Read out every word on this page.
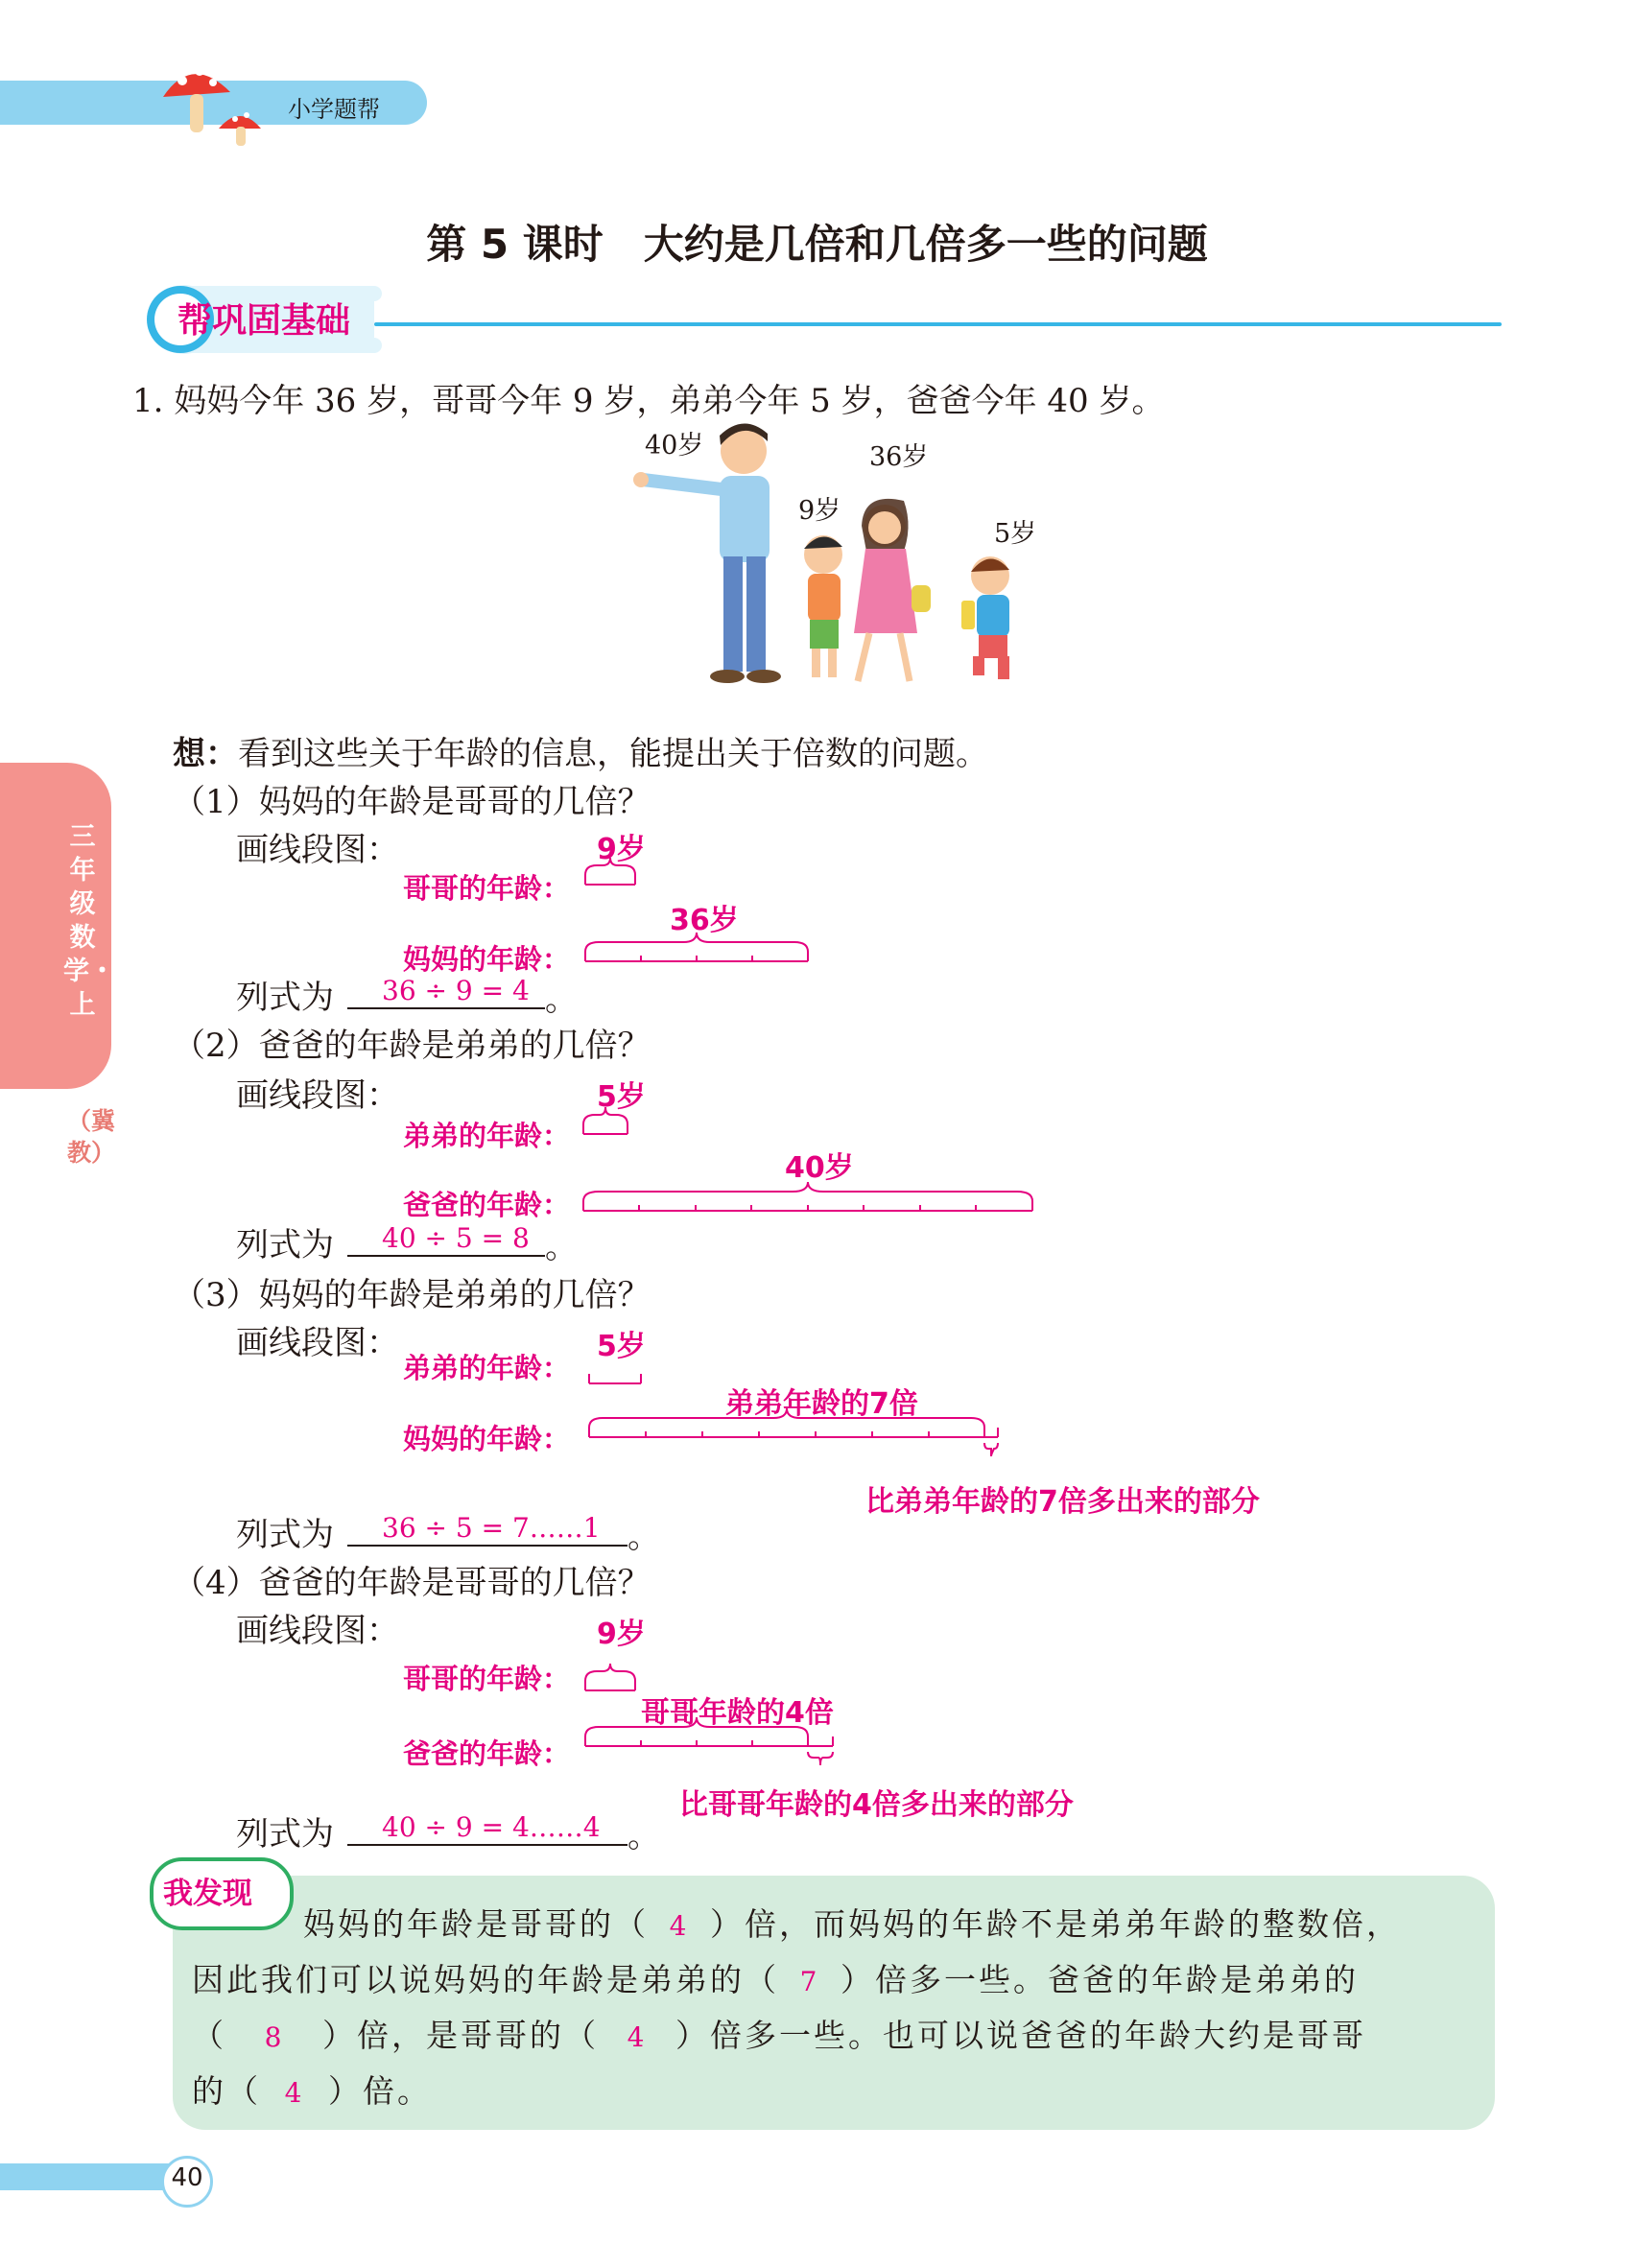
小学题帮
第 5 课时　大约是几倍和几倍多一些的问题
帮巩固基础
三年级数学・上
（冀教）
1. 妈妈今年 36 岁，哥哥今年 9 岁，弟弟今年 5 岁，爸爸今年 40 岁。
40岁	36岁
9岁
5岁
想：看到这些关于年龄的信息，能提出关于倍数的问题。
（1）妈妈的年龄是哥哥的几倍？
画线段图：	9岁
哥哥的年龄：
36岁
妈妈的年龄：
列式为 36 ÷ 9 = 4 。
（2）爸爸的年龄是弟弟的几倍？
画线段图：	5岁
弟弟的年龄：
40岁
爸爸的年龄：
列式为 40 ÷ 5 = 8 。
（3）妈妈的年龄是弟弟的几倍？
画线段图：	5岁
弟弟的年龄：
弟弟年龄的7倍
妈妈的年龄：
比弟弟年龄的7倍多出来的部分
列式为 36 ÷ 5 = 7……1 。
（4）爸爸的年龄是哥哥的几倍？
画线段图：	9岁
哥哥的年龄：
哥哥年龄的4倍
爸爸的年龄：
比哥哥年龄的4倍多出来的部分
列式为 40 ÷ 9 = 4……4 。
我发现
妈妈的年龄是哥哥的（ 4 ）倍，而妈妈的年龄不是弟弟年龄的整数倍，
因此我们可以说妈妈的年龄是弟弟的（ 7 ）倍多一些。爸爸的年龄是弟弟的
（ 8 ）倍，是哥哥的（ 4 ）倍多一些。也可以说爸爸的年龄大约是哥哥
的（ 4 ）倍。
40
